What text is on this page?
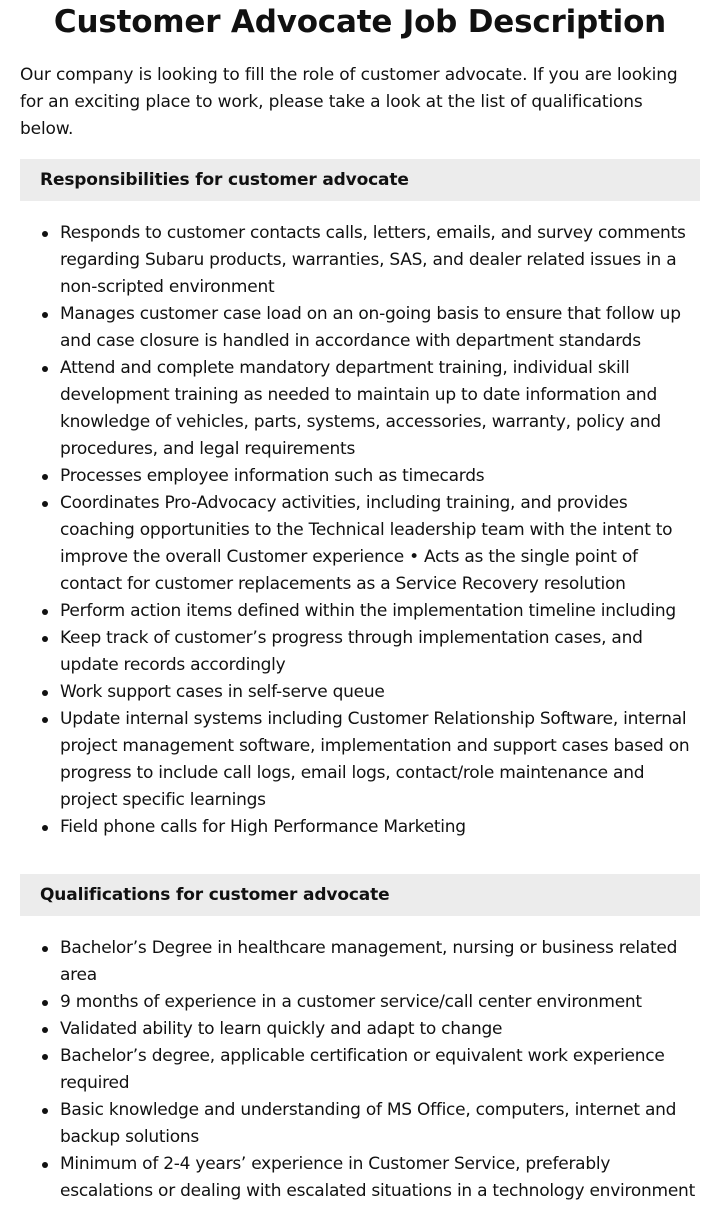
Customer Advocate Job Description

Our company is looking to fill the role of customer advocate. If you are looking for an exciting place to work, please take a look at the list of qualifications below.

Responsibilities for customer advocate
Responds to customer contacts calls, letters, emails, and survey comments regarding Subaru products, warranties, SAS, and dealer related issues in a non-scripted environment
Manages customer case load on an on-going basis to ensure that follow up and case closure is handled in accordance with department standards
Attend and complete mandatory department training, individual skill development training as needed to maintain up to date information and knowledge of vehicles, parts, systems, accessories, warranty, policy and procedures, and legal requirements
Processes employee information such as timecards
Coordinates Pro-Advocacy activities, including training, and provides coaching opportunities to the Technical leadership team with the intent to improve the overall Customer experience • Acts as the single point of contact for customer replacements as a Service Recovery resolution
Perform action items defined within the implementation timeline including
Keep track of customer’s progress through implementation cases, and update records accordingly
Work support cases in self-serve queue
Update internal systems including Customer Relationship Software, internal project management software, implementation and support cases based on progress to include call logs, email logs, contact/role maintenance and project specific learnings
Field phone calls for High Performance Marketing
Qualifications for customer advocate
Bachelor’s Degree in healthcare management, nursing or business related area
9 months of experience in a customer service/call center environment
Validated ability to learn quickly and adapt to change
Bachelor’s degree, applicable certification or equivalent work experience required
Basic knowledge and understanding of MS Office, computers, internet and backup solutions
Minimum of 2-4 years’ experience in Customer Service, preferably escalations or dealing with escalated situations in a technology environment
